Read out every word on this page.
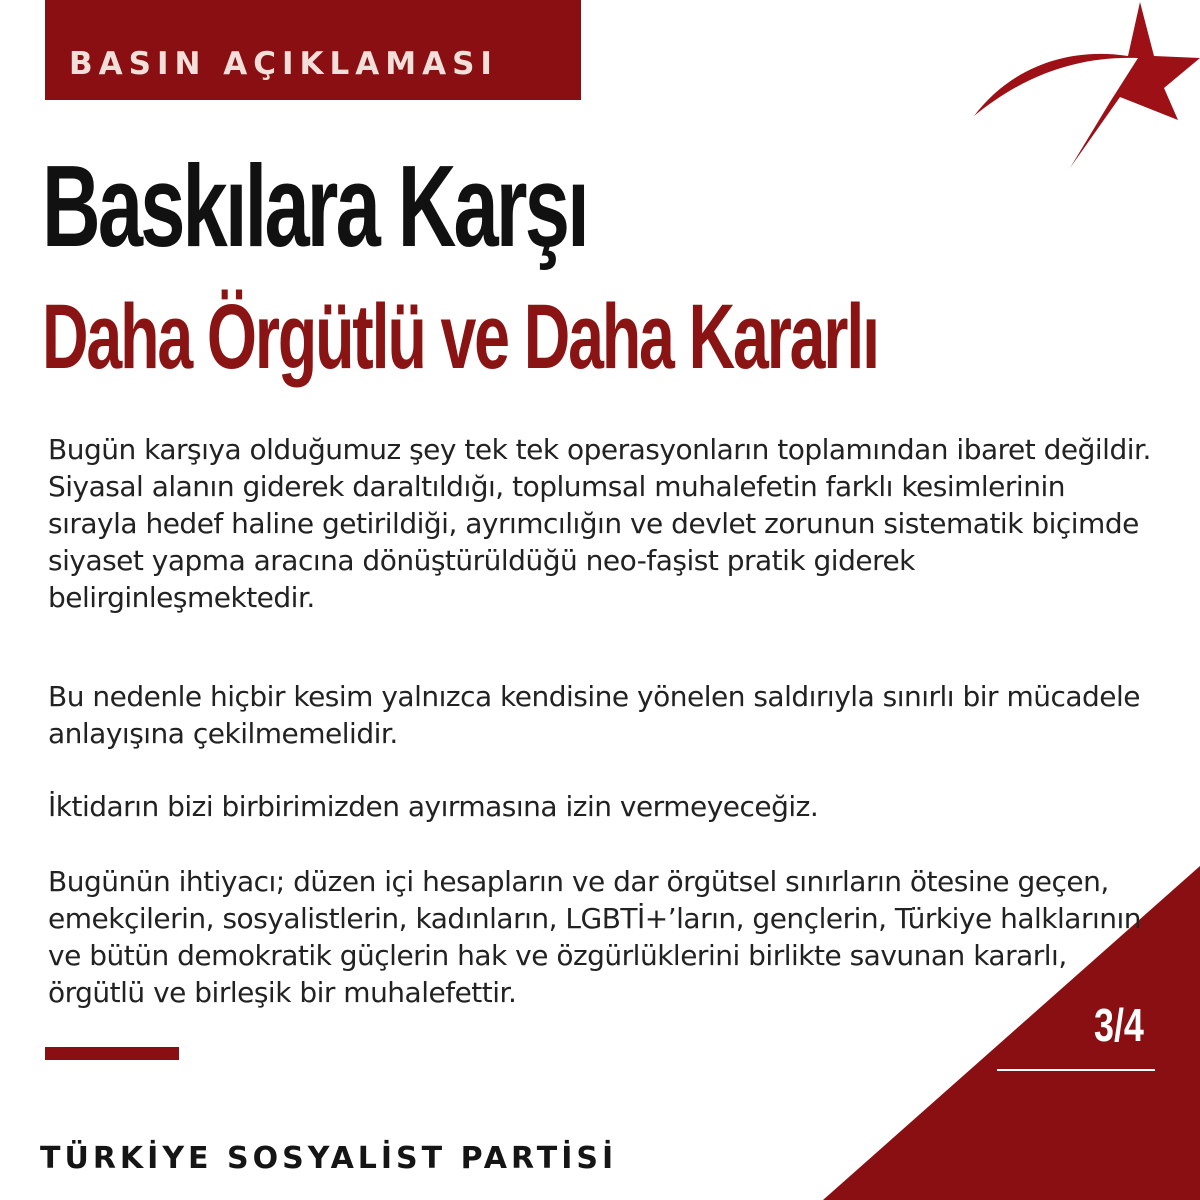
BASIN AÇIKLAMASI
Baskılara Karşı
Daha Örgütlü ve Daha Kararlı

Bugün karşıya olduğumuz şey tek tek operasyonların toplamından ibaret değildir. Siyasal alanın giderek daraltıldığı, toplumsal muhalefetin farklı kesimlerinin sırayla hedef haline getirildiği, ayrımcılığın ve devlet zorunun sistematik biçimde siyaset yapma aracına dönüştürüldüğü neo-faşist pratik giderek belirginleşmektedir.

Bu nedenle hiçbir kesim yalnızca kendisine yönelen saldırıyla sınırlı bir mücadele anlayışına çekilmemelidir.

İktidarın bizi birbirimizden ayırmasına izin vermeyeceğiz.

Bugünün ihtiyacı; düzen içi hesapların ve dar örgütsel sınırların ötesine geçen, emekçilerin, sosyalistlerin, kadınların, LGBTİ+’ların, gençlerin, Türkiye halklarının ve bütün demokratik güçlerin hak ve özgürlüklerini birlikte savunan kararlı, örgütlü ve birleşik bir muhalefettir.

3/4

TÜRKİYE SOSYALİST PARTİSİ
